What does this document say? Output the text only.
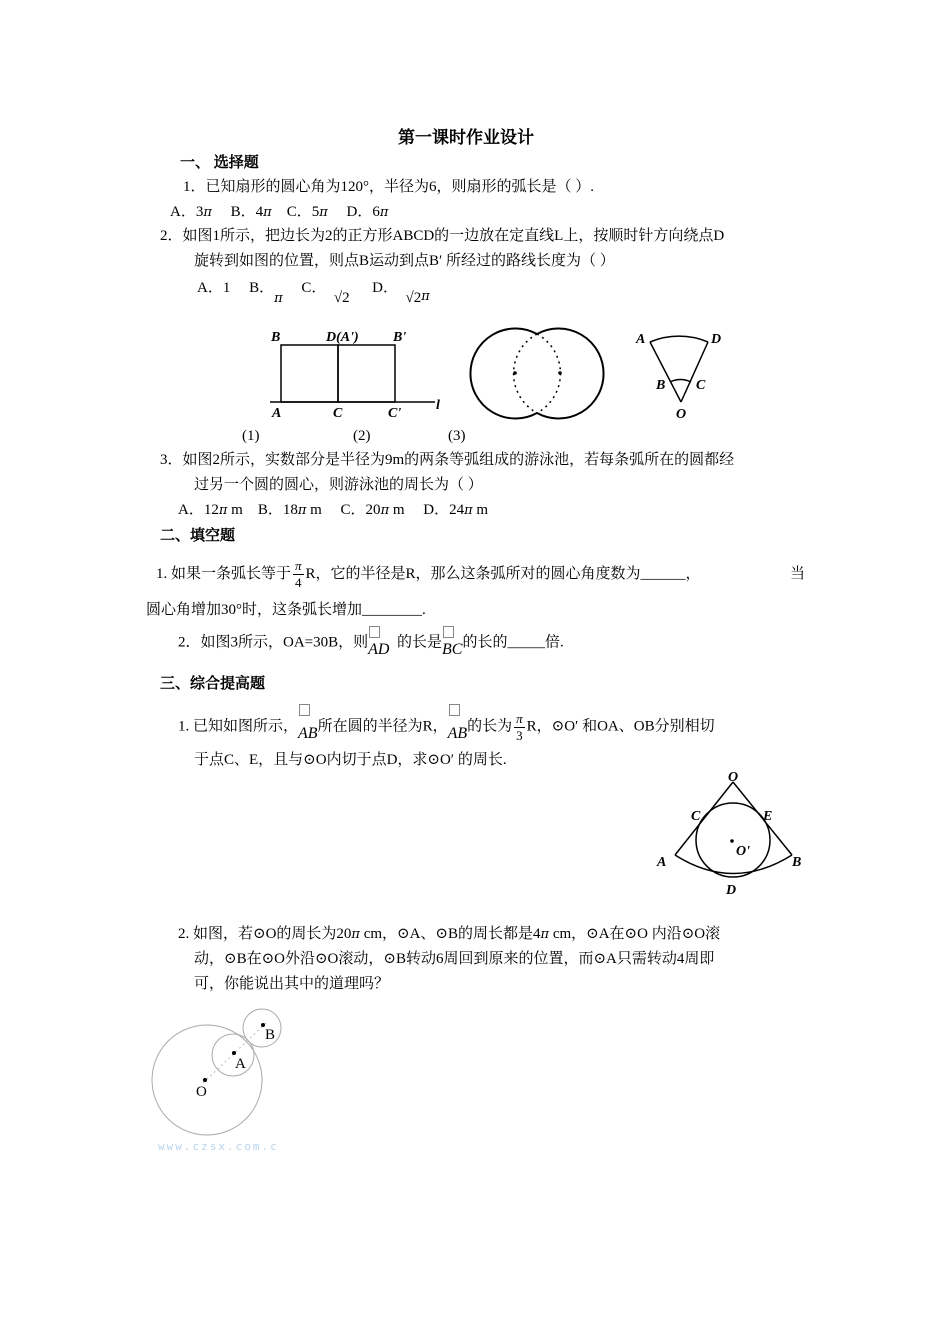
第一课时作业设计
一、 选择题
1．已知扇形的圆心角为120°，半径为6，则扇形的弧长是（ ）.
A．3π B．4π C．5π D．6π
2．如图1所示，把边长为2的正方形ABCD的一边放在定直线L上，按顺时针方向绕点D
旋转到如图的位置，则点B运动到点B′ 所经过的路线长度为（ ）
A．1 B．π     C．  √2      D．  √2π
B	D(A') B'
A	C	C'
l
A	D
B C
O
(1)	(2)	(3)
3．如图2所示，实数部分是半径为9m的两条等弧组成的游泳池，若每条弧所在的圆都经
过另一个圆的圆心，则游泳池的周长为（ ）
A．12π m B．18π m C．20π m D．24π m
二、填空题
1. 如果一条弧长等于 $\frac{\pi}{4}$ R，它的半径是R，那么这条弧所对的圆心角度数为______，	当
圆心角增加30°时，这条弧长增加________.
2．如图3所示，OA=30B，则AD 的长是BC的长的_____倍.
三、综合提高题
1. 已知如图所示，AB所在圆的半径为R，AB的长为 $\frac{\pi}{3}$ R，⊙O′ 和OA、OB分别相切
于点C、E，且与⊙O内切于点D，求⊙O′ 的周长.
O
C	E
A	B
D
O'
2. 如图，若⊙O的周长为20π cm，⊙A、⊙B的周长都是4π cm，⊙A在⊙O 内沿⊙O滚
动，⊙B在⊙O外沿⊙O滚动，⊙B转动6周回到原来的位置，而⊙A只需转动4周即
可，你能说出其中的道理吗？
O
A
B
www.czsx.com.c
